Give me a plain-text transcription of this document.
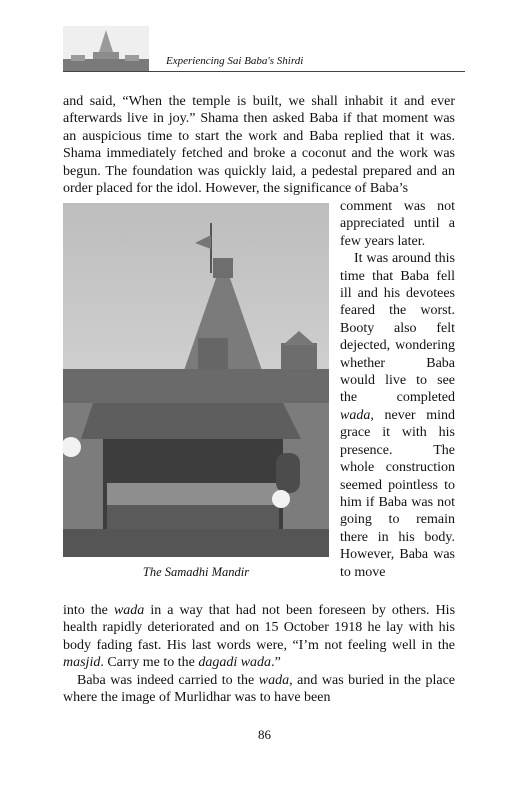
Experiencing Sai Baba's Shirdi

and said, “When the temple is built, we shall inhabit it and ever afterwards live in joy.” Shama then asked Baba if that moment was an auspicious time to start the work and Baba replied that it was. Shama immediately fetched and broke a coconut and the work was begun. The foundation was quickly laid, a pedestal prepared and an order placed for the idol. However, the significance of Baba’s

The Samadhi Mandir

comment was not appreciated until a few years later.

It was around this time that Baba fell ill and his devotees feared the worst. Booty also felt dejected, wondering whether Baba would live to see the completed wada, never mind grace it with his presence. The whole construction seemed pointless to him if Baba was not going to remain there in his body. However, Baba was to move

into the wada in a way that had not been foreseen by others. His health rapidly deteriorated and on 15 October 1918 he lay with his body fading fast. His last words were, “I’m not feeling well in the masjid. Carry me to the dagadi wada.”

Baba was indeed carried to the wada, and was buried in the place where the image of Murlidhar was to have been

86
